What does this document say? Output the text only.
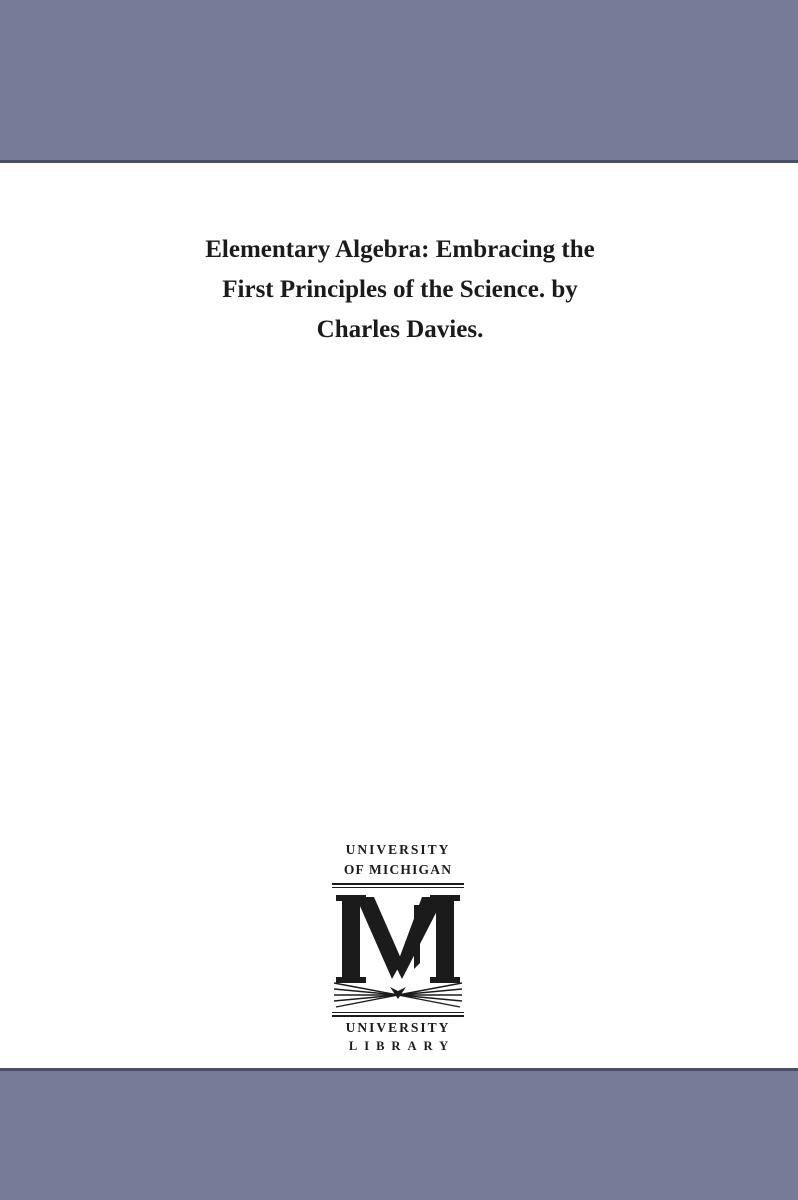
Elementary Algebra: Embracing the
First Principles of the Science. by
Charles Davies.
UNIVERSITY
OF MICHIGAN
UNIVERSITY
LIBRARY
